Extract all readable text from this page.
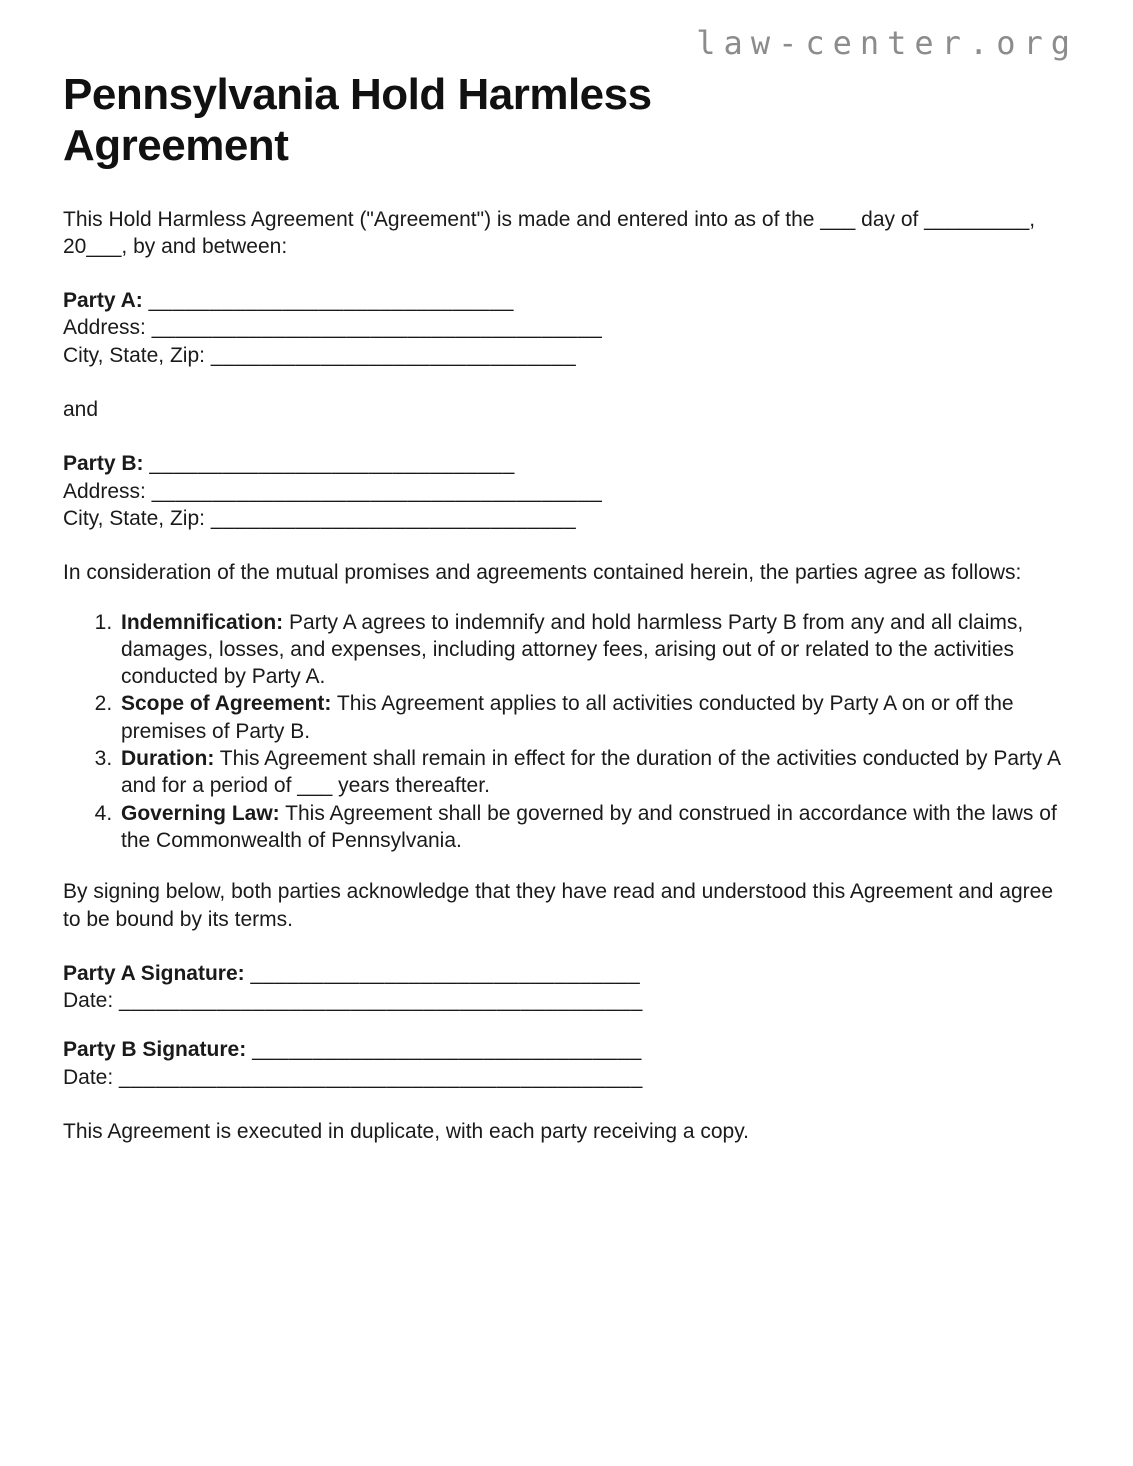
law-center.org
Pennsylvania Hold Harmless Agreement

This Hold Harmless Agreement ("Agreement") is made and entered into as of the ___ day of _________, 20___, by and between:

Party A: ______________________________
Address: _____________________________________
City, State, Zip: ______________________________

and

Party B: ______________________________
Address: _____________________________________
City, State, Zip: ______________________________

In consideration of the mutual promises and agreements contained herein, the parties agree as follows:

1. Indemnification: Party A agrees to indemnify and hold harmless Party B from any and all claims, damages, losses, and expenses, including attorney fees, arising out of or related to the activities conducted by Party A.
2. Scope of Agreement: This Agreement applies to all activities conducted by Party A on or off the premises of Party B.
3. Duration: This Agreement shall remain in effect for the duration of the activities conducted by Party A and for a period of ___ years thereafter.
4. Governing Law: This Agreement shall be governed by and construed in accordance with the laws of the Commonwealth of Pennsylvania.

By signing below, both parties acknowledge that they have read and understood this Agreement and agree to be bound by its terms.

Party A Signature: ________________________________
Date: ___________________________________________

Party B Signature: ________________________________
Date: ___________________________________________

This Agreement is executed in duplicate, with each party receiving a copy.
